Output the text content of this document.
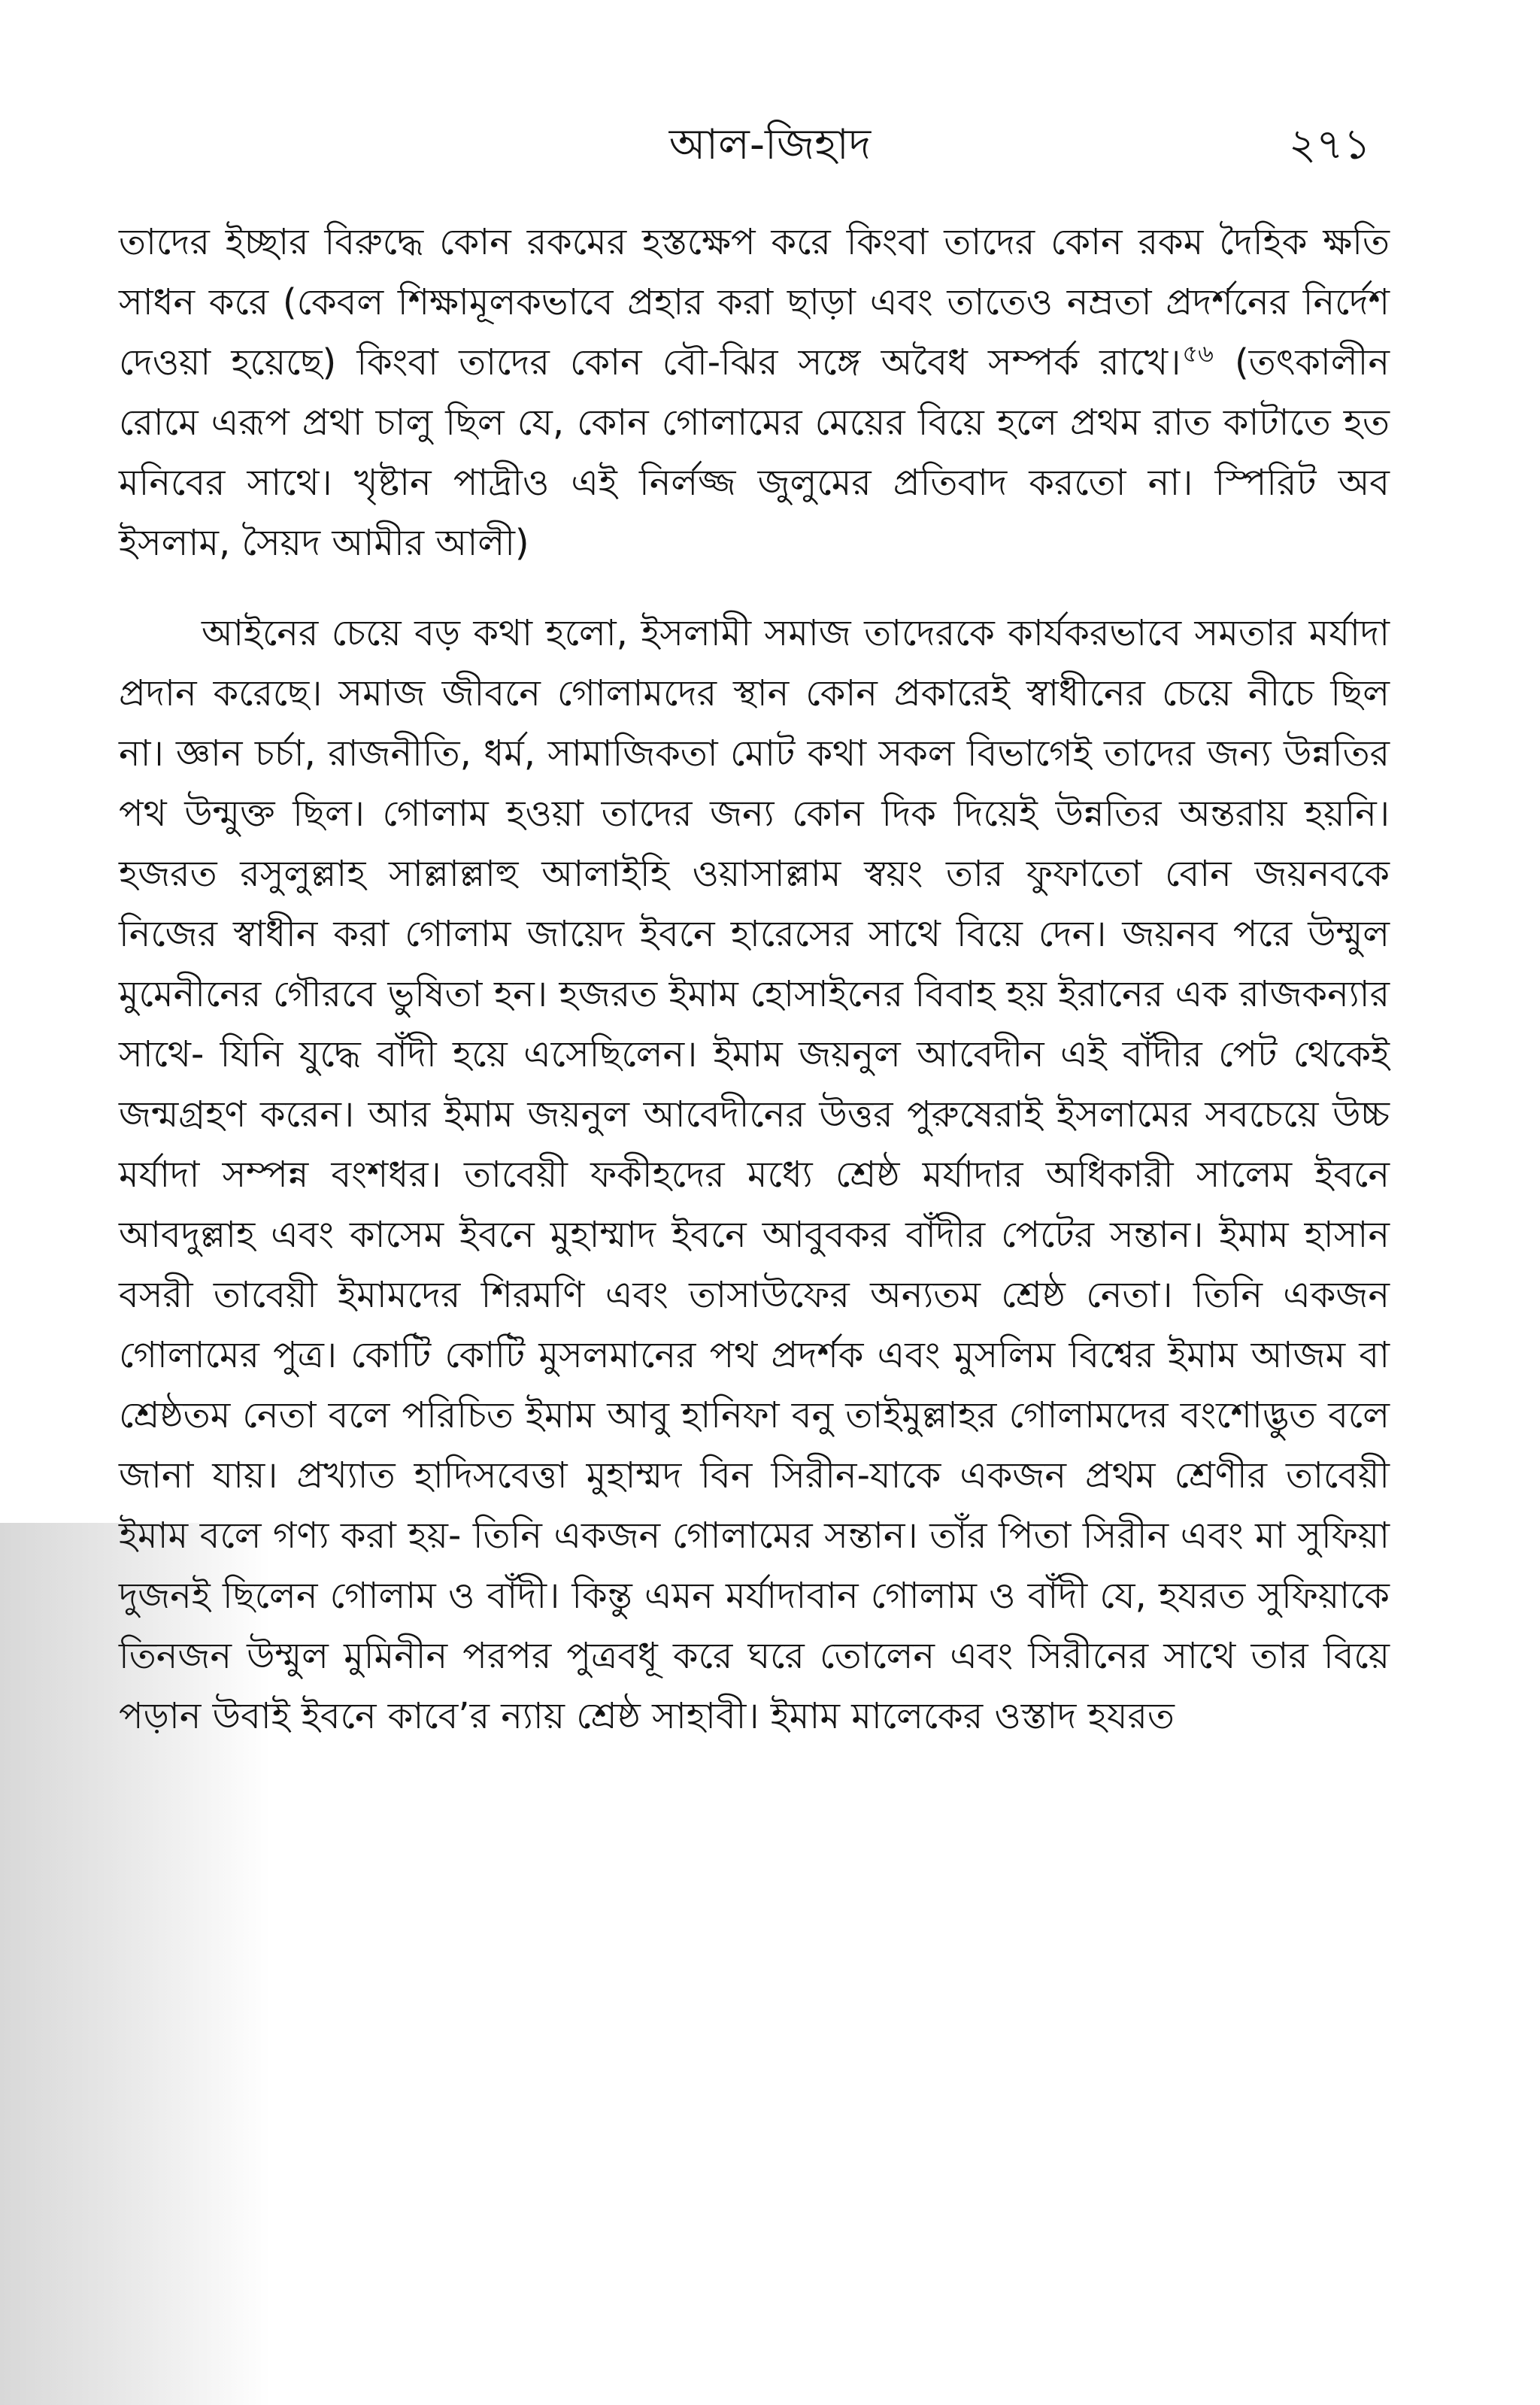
আল-জিহাদ	২৭১

তাদের ইচ্ছার বিরুদ্ধে কোন রকমের হস্তক্ষেপ করে কিংবা তাদের কোন রকম দৈহিক ক্ষতি সাধন করে (কেবল শিক্ষামূলকভাবে প্রহার করা ছাড়া এবং তাতেও নম্রতা প্রদর্শনের নির্দেশ দেওয়া হয়েছে) কিংবা তাদের কোন বৌ-ঝির সঙ্গে অবৈধ সম্পর্ক রাখে।$^{৫৬}$ (তৎকালীন রোমে এরূপ প্রথা চালু ছিল যে, কোন গোলামের মেয়ের বিয়ে হলে প্রথম রাত কাটাতে হত মনিবের সাথে। খৃষ্টান পাদ্রীও এই নির্লজ্জ জুলুমের প্রতিবাদ করতো না। স্পিরিট অব ইসলাম, সৈয়দ আমীর আলী)

আইনের চেয়ে বড় কথা হলো, ইসলামী সমাজ তাদেরকে কার্যকরভাবে সমতার মর্যাদা প্রদান করেছে। সমাজ জীবনে গোলামদের স্থান কোন প্রকারেই স্বাধীনের চেয়ে নীচে ছিল না। জ্ঞান চর্চা, রাজনীতি, ধর্ম, সামাজিকতা মোট কথা সকল বিভাগেই তাদের জন্য উন্নতির পথ উন্মুক্ত ছিল। গোলাম হওয়া তাদের জন্য কোন দিক দিয়েই উন্নতির অন্তরায় হয়নি। হজরত রসুলুল্লাহ সাল্লাল্লাহু আলাইহি ওয়াসাল্লাম স্বয়ং তার ফুফাতো বোন জয়নবকে নিজের স্বাধীন করা গোলাম জায়েদ ইবনে হারেসের সাথে বিয়ে দেন। জয়নব পরে উম্মুল মুমেনীনের গৌরবে ভুষিতা হন। হজরত ইমাম হোসাইনের বিবাহ হয় ইরানের এক রাজকন্যার সাথে- যিনি যুদ্ধে বাঁদী হয়ে এসেছিলেন। ইমাম জয়নুল আবেদীন এই বাঁদীর পেট থেকেই জন্মগ্রহণ করেন। আর ইমাম জয়নুল আবেদীনের উত্তর পুরুষেরাই ইসলামের সবচেয়ে উচ্চ মর্যাদা সম্পন্ন বংশধর। তাবেয়ী ফকীহদের মধ্যে শ্রেষ্ঠ মর্যাদার অধিকারী সালেম ইবনে আবদুল্লাহ এবং কাসেম ইবনে মুহাম্মাদ ইবনে আবুবকর বাঁদীর পেটের সন্তান। ইমাম হাসান বসরী তাবেয়ী ইমামদের শিরমণি এবং তাসাউফের অন্যতম শ্রেষ্ঠ নেতা। তিনি একজন গোলামের পুত্র। কোটি কোটি মুসলমানের পথ প্রদর্শক এবং মুসলিম বিশ্বের ইমাম আজম বা শ্রেষ্ঠতম নেতা বলে পরিচিত ইমাম আবু হানিফা বনু তাইমুল্লাহর গোলামদের বংশোদ্ভুত বলে জানা যায়। প্রখ্যাত হাদিসবেত্তা মুহাম্মদ বিন সিরীন-যাকে একজন প্রথম শ্রেণীর তাবেয়ী ইমাম বলে গণ্য করা হয়- তিনি একজন গোলামের সন্তান। তাঁর পিতা সিরীন এবং মা সুফিয়া দুজনই ছিলেন গোলাম ও বাঁদী। কিন্তু এমন মর্যাদাবান গোলাম ও বাঁদী যে, হযরত সুফিয়াকে তিনজন উম্মুল মুমিনীন পরপর পুত্রবধূ করে ঘরে তোলেন এবং সিরীনের সাথে তার বিয়ে পড়ান উবাই ইবনে কাবে’র ন্যায় শ্রেষ্ঠ সাহাবী। ইমাম মালেকের ওস্তাদ হযরত
